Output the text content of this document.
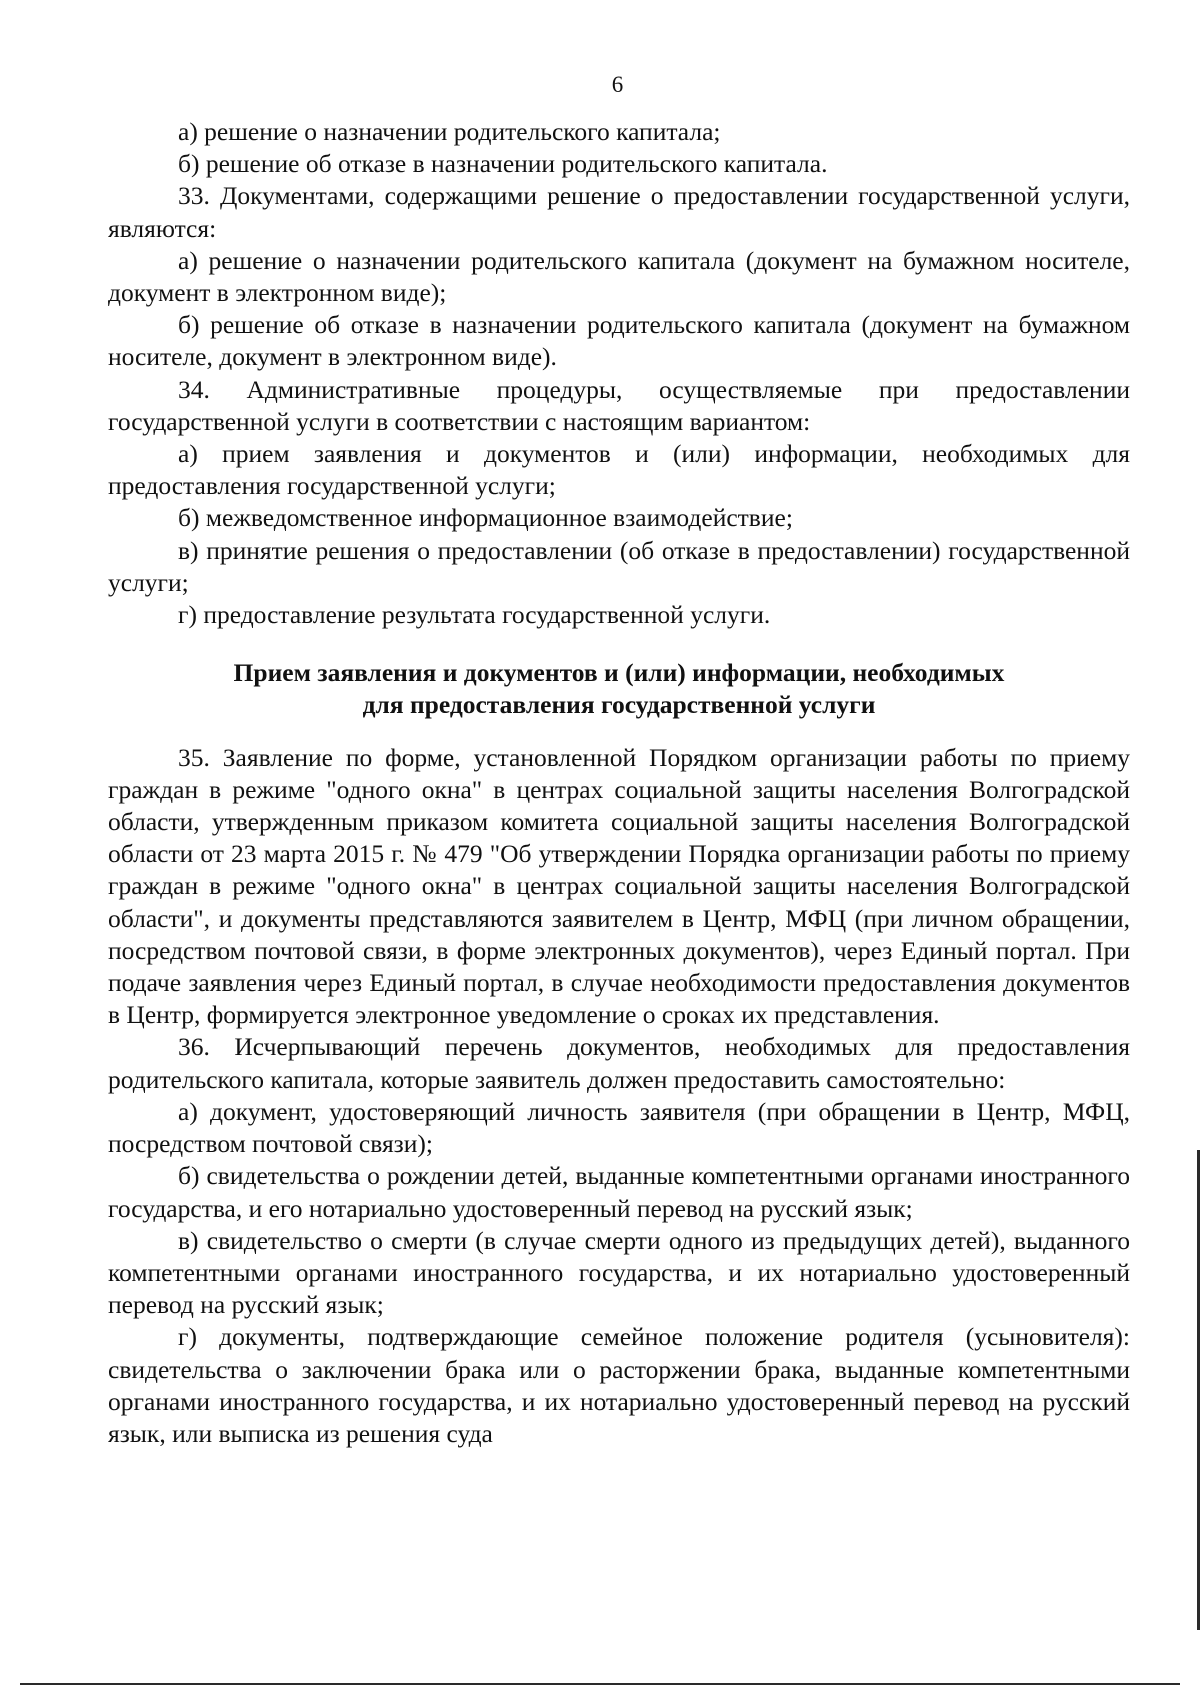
6

а) решение о назначении родительского капитала;

б) решение об отказе в назначении родительского капитала.

33. Документами, содержащими решение о предоставлении государственной услуги, являются:

а) решение о назначении родительского капитала (документ на бумажном носителе, документ в электронном виде);

б) решение об отказе в назначении родительского капитала (документ на бумажном носителе, документ в электронном виде).

34. Административные процедуры, осуществляемые при предоставлении государственной услуги в соответствии с настоящим вариантом:

а) прием заявления и документов и (или) информации, необходимых для предоставления государственной услуги;

б) межведомственное информационное взаимодействие;

в) принятие решения о предоставлении (об отказе в предоставлении) государственной услуги;

г) предоставление результата государственной услуги.

Прием заявления и документов и (или) информации, необходимых
для предоставления государственной услуги

35. Заявление по форме, установленной Порядком организации работы по приему граждан в режиме "одного окна" в центрах социальной защиты населения Волгоградской области, утвержденным приказом комитета социальной защиты населения Волгоградской области от 23 марта 2015 г. № 479 "Об утверждении Порядка организации работы по приему граждан в режиме "одного окна" в центрах социальной защиты населения Волгоградской области", и документы представляются заявителем в Центр, МФЦ (при личном обращении, посредством почтовой связи, в форме электронных документов), через Единый портал. При подаче заявления через Единый портал, в случае необходимости предоставления документов в Центр, формируется электронное уведомление о сроках их представления.

36. Исчерпывающий перечень документов, необходимых для предоставления родительского капитала, которые заявитель должен предоставить самостоятельно:

а) документ, удостоверяющий личность заявителя (при обращении в Центр, МФЦ, посредством почтовой связи);

б) свидетельства о рождении детей, выданные компетентными органами иностранного государства, и его нотариально удостоверенный перевод на русский язык;

в) свидетельство о смерти (в случае смерти одного из предыдущих детей), выданного компетентными органами иностранного государства, и их нотариально удостоверенный перевод на русский язык;

г) документы, подтверждающие семейное положение родителя (усыновителя): свидетельства о заключении брака или о расторжении брака, выданные компетентными органами иностранного государства, и их нотариально удостоверенный перевод на русский язык, или выписка из решения суда
